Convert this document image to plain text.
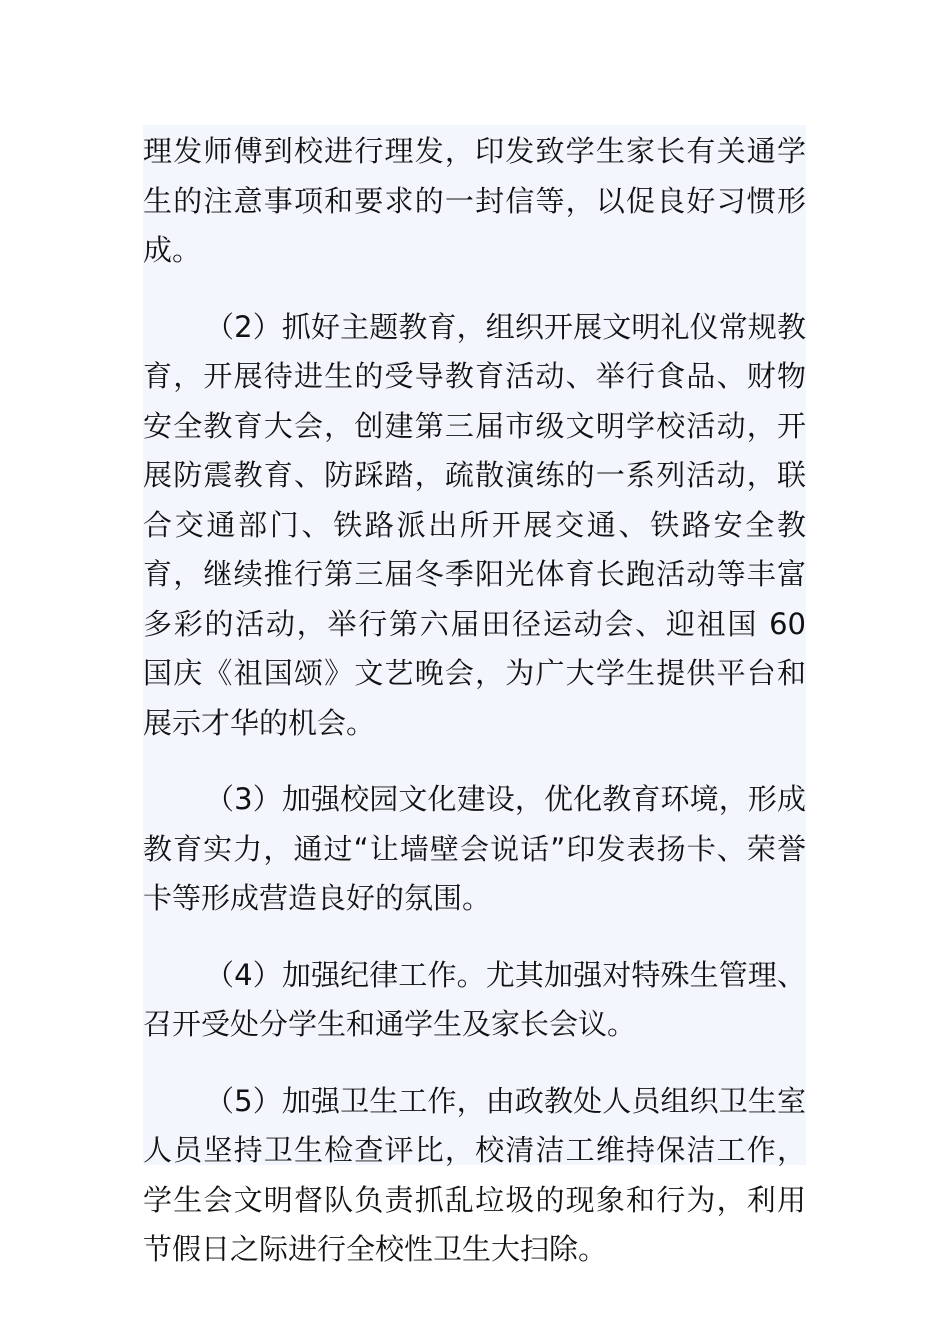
理发师傅到校进行理发，印发致学生家长有关通学生的注意事项和要求的一封信等，以促良好习惯形成。

（2）抓好主题教育，组织开展文明礼仪常规教育，开展待进生的受导教育活动、举行食品、财物安全教育大会，创建第三届市级文明学校活动，开展防震教育、防踩踏，疏散演练的一系列活动，联合交通部门、铁路派出所开展交通、铁路安全教育，继续推行第三届冬季阳光体育长跑活动等丰富多彩的活动，举行第六届田径运动会、迎祖国 60 国庆《祖国颂》文艺晚会，为广大学生提供平台和展示才华的机会。

（3）加强校园文化建设，优化教育环境，形成教育实力，通过“让墙壁会说话”印发表扬卡、荣誉卡等形成营造良好的氛围。

（4）加强纪律工作。尤其加强对特殊生管理、召开受处分学生和通学生及家长会议。

（5）加强卫生工作，由政教处人员组织卫生室人员坚持卫生检查评比，校清洁工维持保洁工作，学生会文明督队负责抓乱垃圾的现象和行为，利用节假日之际进行全校性卫生大扫除。
